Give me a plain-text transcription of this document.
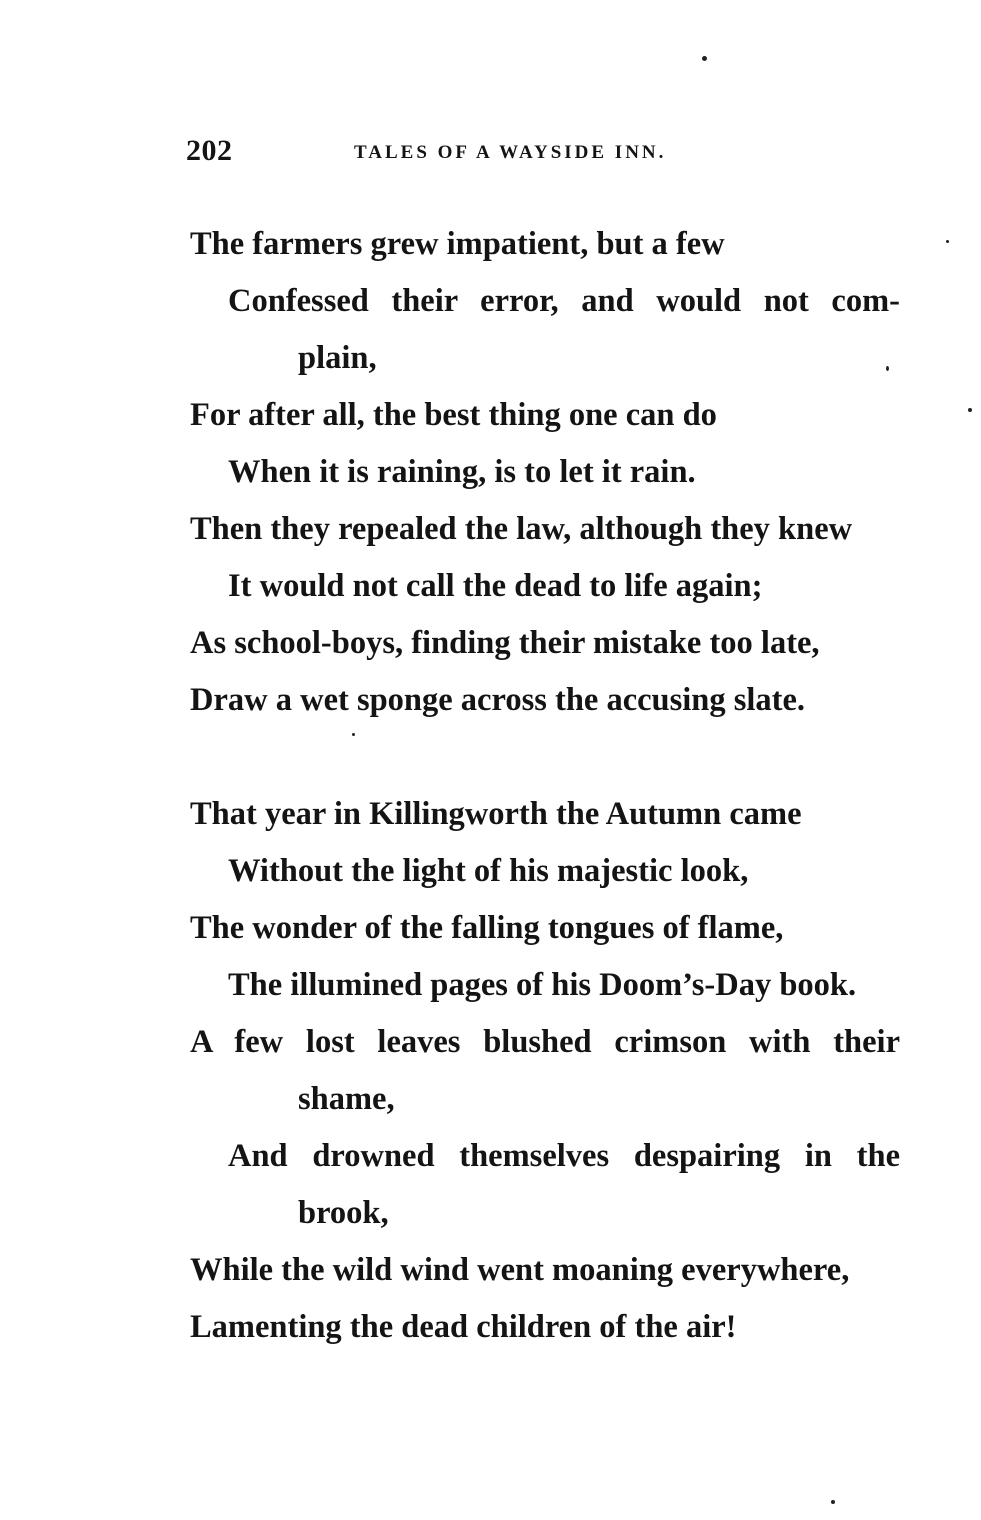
202	TALES OF A WAYSIDE INN.
The farmers grew impatient, but a few
Confessed their error, and would not com-
plain,
For after all, the best thing one can do
When it is raining, is to let it rain.
Then they repealed the law, although they knew
It would not call the dead to life again;
As school-boys, finding their mistake too late,
Draw a wet sponge across the accusing slate.
That year in Killingworth the Autumn came
Without the light of his majestic look,
The wonder of the falling tongues of flame,
The illumined pages of his Doom’s-Day book.
A few lost leaves blushed crimson with their
shame,
And drowned themselves despairing in the
brook,
While the wild wind went moaning everywhere,
Lamenting the dead children of the air!
